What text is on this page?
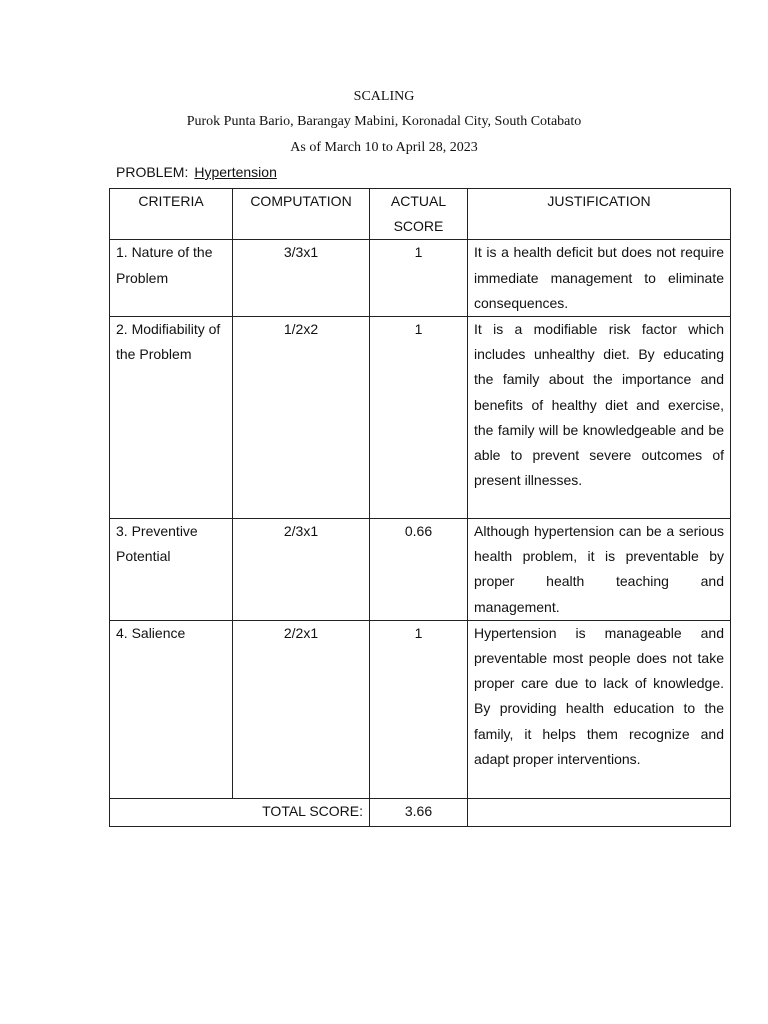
SCALING
Purok Punta Bario, Barangay Mabini, Koronadal City, South Cotabato
As of March 10 to April 28, 2023
PROBLEM: Hypertension
CRITERIA	COMPUTATION	ACTUAL SCORE	JUSTIFICATION
1. Nature of the Problem	3/3x1	1	It is a health deficit but does not require immediate management to eliminate consequences.
2. Modifiability of the Problem	1/2x2	1	It is a modifiable risk factor which includes unhealthy diet. By educating the family about the importance and benefits of healthy diet and exercise, the family will be knowledgeable and be able to prevent severe outcomes of present illnesses.
3. Preventive Potential	2/3x1	0.66	Although hypertension can be a serious health problem, it is preventable by proper health teaching and management.
4. Salience	2/2x1	1	Hypertension is manageable and preventable most people does not take proper care due to lack of knowledge. By providing health education to the family, it helps them recognize and adapt proper interventions.
TOTAL SCORE:		3.66	
